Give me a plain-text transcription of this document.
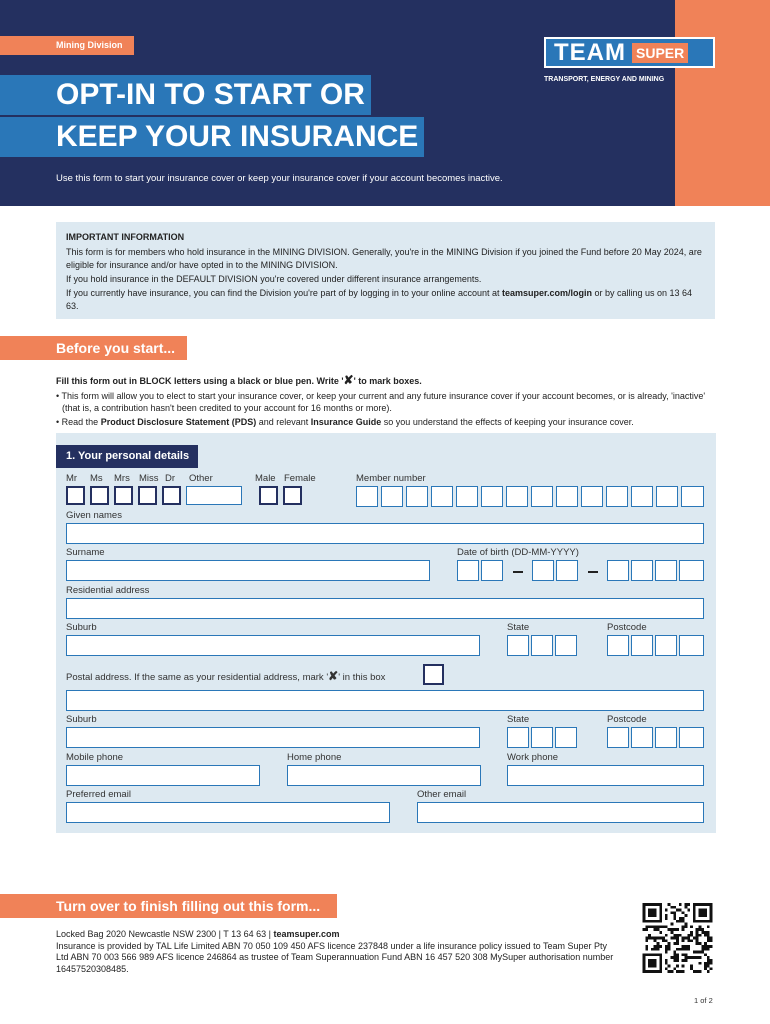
Mining Division
OPT-IN TO START OR
KEEP YOUR INSURANCE
Use this form to start your insurance cover or keep your insurance cover if your account becomes inactive.
TEAM SUPER
TRANSPORT, ENERGY AND MINING
IMPORTANT INFORMATION

This form is for members who hold insurance in the MINING DIVISION. Generally, you're in the MINING Division if you joined the Fund before 20 May 2024, are eligible for insurance and/or have opted in to the MINING DIVISION.

If you hold insurance in the DEFAULT DIVISION you're covered under different insurance arrangements.

If you currently have insurance, you can find the Division you're part of by logging in to your online account at teamsuper.com/login or by calling us on 13 64 63.

Before you start...
Fill this form out in BLOCK letters using a black or blue pen. Write '✘' to mark boxes.
• This form will allow you to elect to start your insurance cover, or keep your current and any future insurance cover if your account becomes, or is already, 'inactive' (that is, a contribution hasn't been credited to your account for 16 months or more).
• Read the Product Disclosure Statement (PDS) and relevant Insurance Guide so you understand the effects of keeping your insurance cover.
1. Your personal details
Mr Ms Mrs Miss Dr Other	Male Female	Member number
Given names
Surname	Date of birth (DD-MM-YYYY)
Residential address
Suburb	State	Postcode
Postal address. If the same as your residential address, mark '✘' in this box
Suburb	State	Postcode
Mobile phone	Home phone	Work phone
Preferred email	Other email
Turn over to finish filling out this form...
Locked Bag 2020 Newcastle NSW 2300 | T 13 64 63 | teamsuper.com
Insurance is provided by TAL Life Limited ABN 70 050 109 450 AFS licence 237848 under a life insurance policy issued to Team Super Pty Ltd ABN 70 003 566 989 AFS licence 246864 as trustee of Team Superannuation Fund ABN 16 457 520 308 MySuper authorisation number 16457520308485.
1 of 2
